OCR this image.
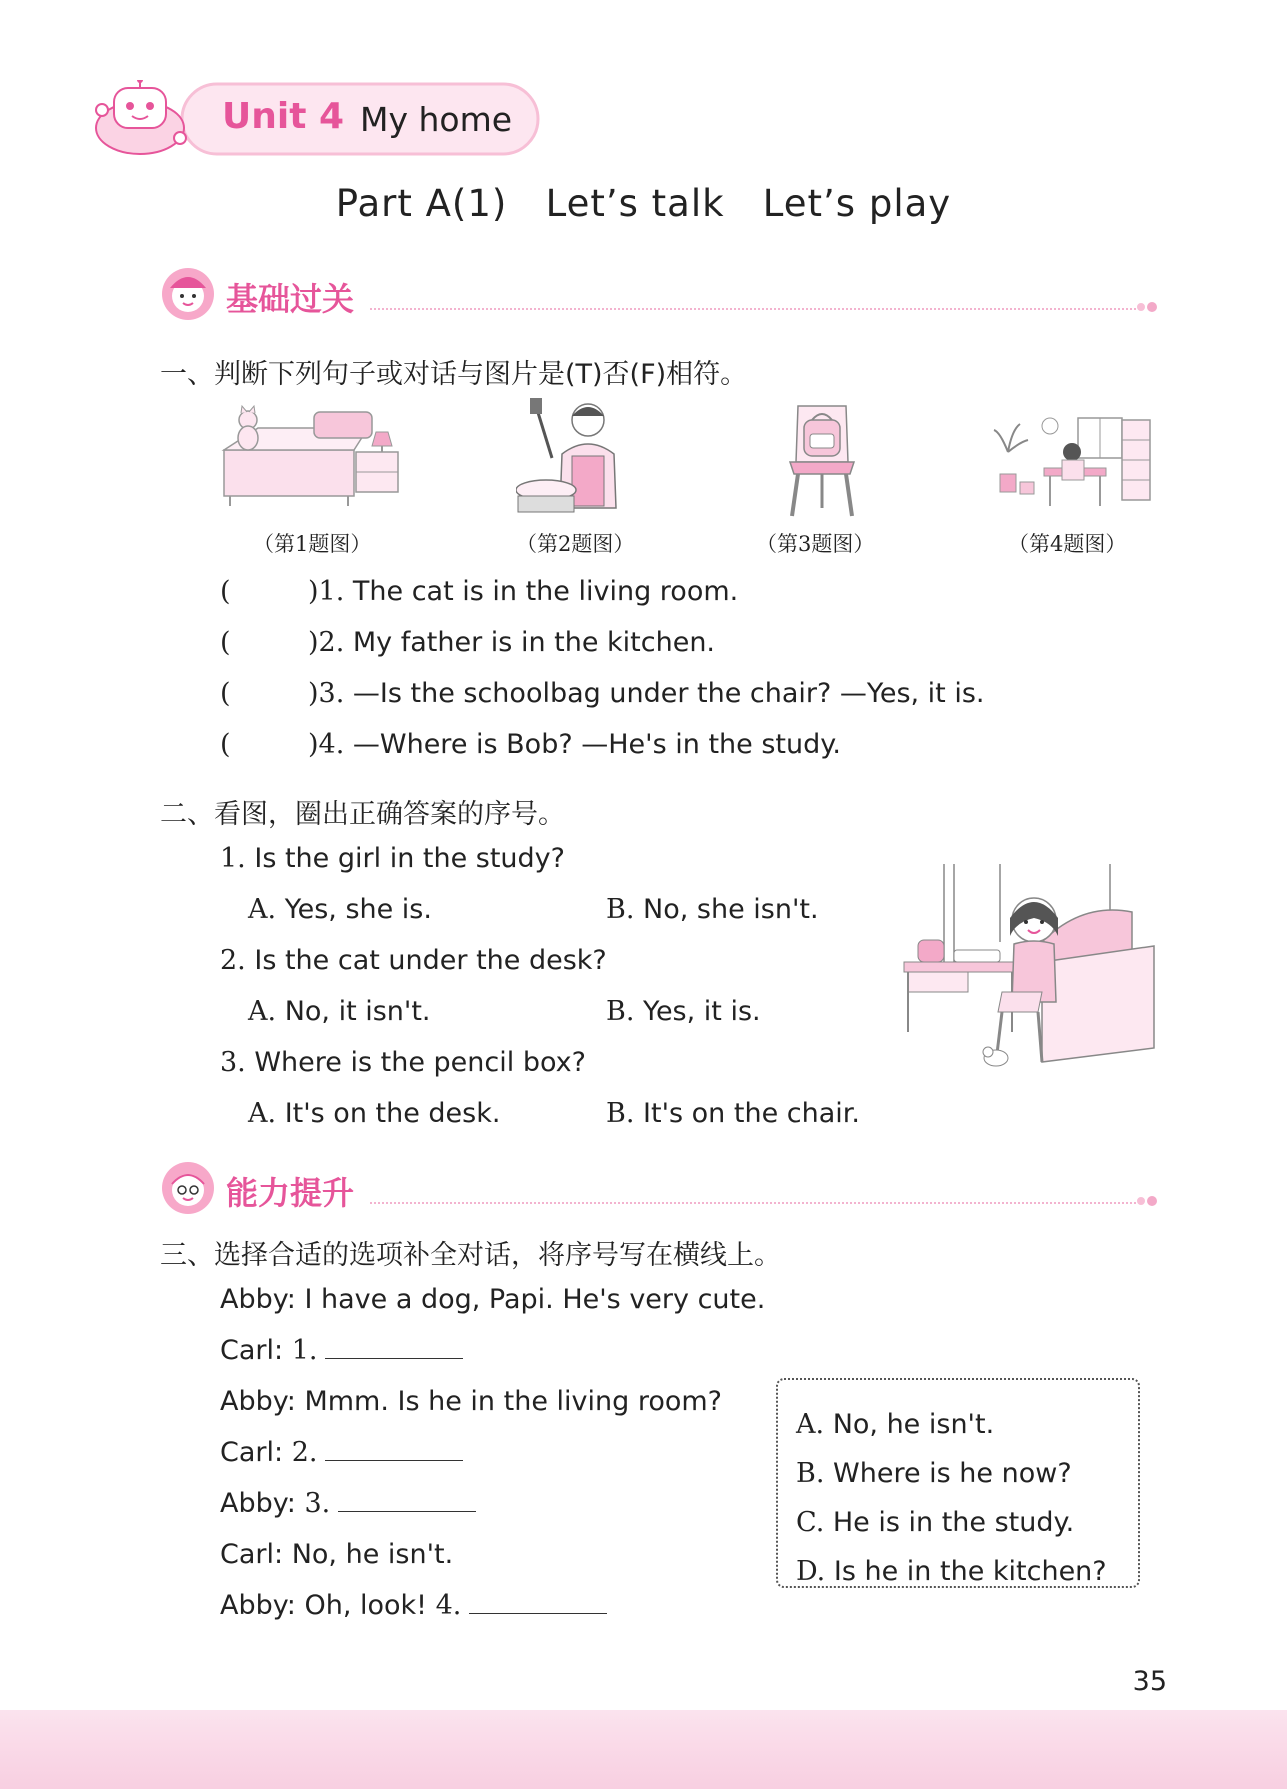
Unit 4 My home
Part A(1)   Let’s talk   Let’s play
基础过关
一、判断下列句子或对话与图片是(T)否(F)相符。
（第1题图）	（第2题图）	（第3题图）	（第4题图）
(	)1. The cat is in the living room.
(	)2. My father is in the kitchen.
(	)3. —Is the schoolbag under the chair? —Yes, it is.
(	)4. —Where is Bob? —He's in the study.
二、看图，圈出正确答案的序号。
1. Is the girl in the study?
A. Yes, she is.	B. No, she isn't.
2. Is the cat under the desk?
A. No, it isn't.	B. Yes, it is.
3. Where is the pencil box?
A. It's on the desk.	B. It's on the chair.
能力提升
三、选择合适的选项补全对话，将序号写在横线上。
Abby: I have a dog, Papi. He's very cute.
Carl: 1.
Abby: Mmm. Is he in the living room?
Carl: 2.
Abby: 3.
Carl: No, he isn't.
Abby: Oh, look! 4.
A. No, he isn't.
B. Where is he now?
C. He is in the study.
D. Is he in the kitchen?
35
